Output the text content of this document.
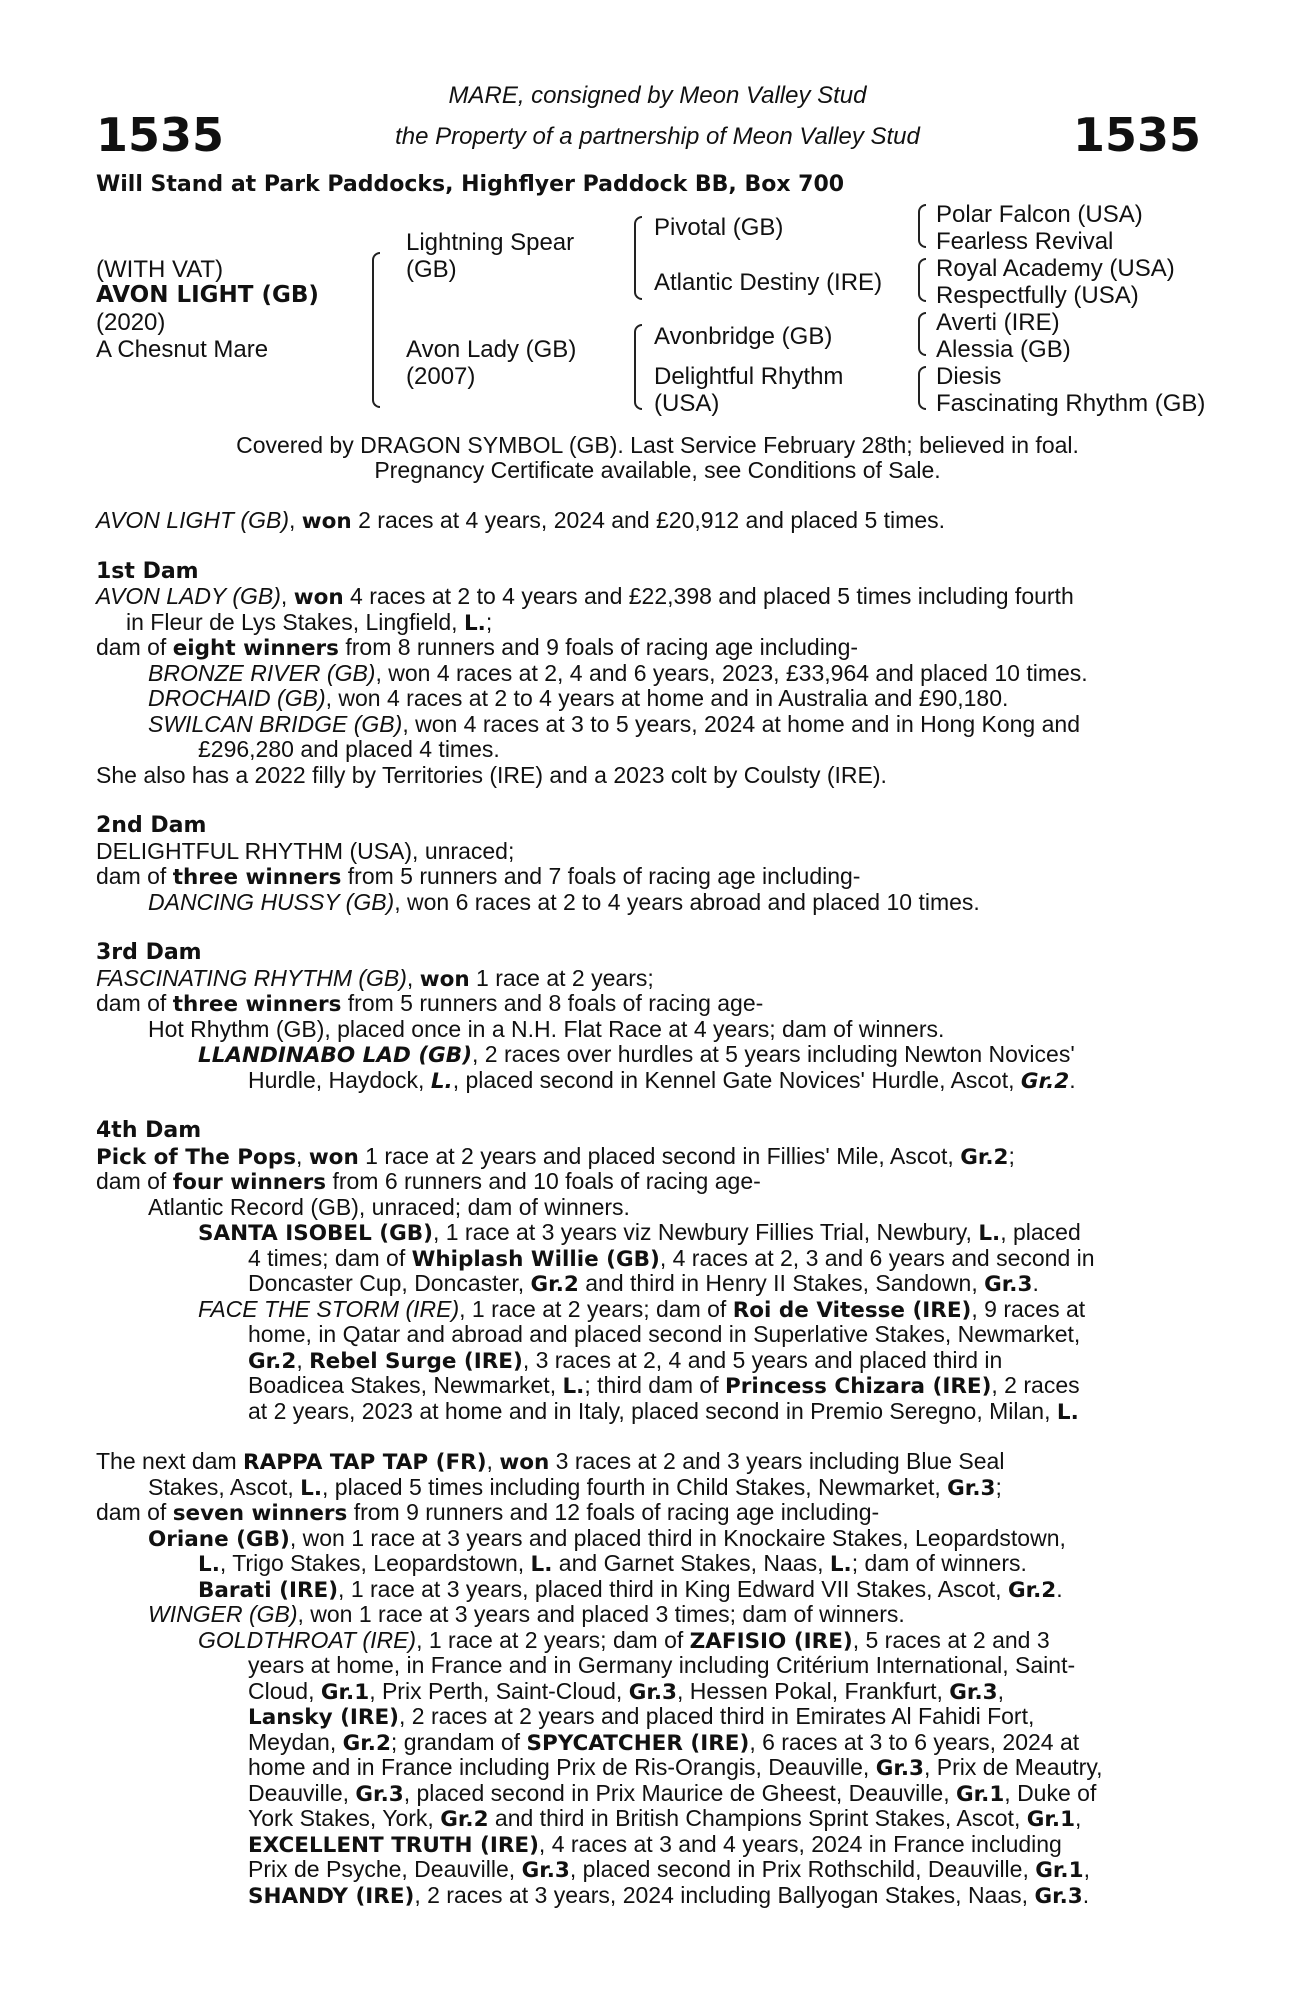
1535	1535
MARE, consigned by Meon Valley Stud
the Property of a partnership of Meon Valley Stud
Will Stand at Park Paddocks, Highflyer Paddock BB, Box 700
(WITH VAT)
AVON LIGHT (GB)
(2020)
A Chesnut Mare
Lightning Spear
(GB)
Avon Lady (GB)
(2007)
Pivotal (GB)
Atlantic Destiny (IRE)
Avonbridge (GB)
Delightful Rhythm
(USA)
Polar Falcon (USA)
Fearless Revival
Royal Academy (USA)
Respectfully (USA)
Averti (IRE)
Alessia (GB)
Diesis
Fascinating Rhythm (GB)
Covered by DRAGON SYMBOL (GB). Last Service February 28th; believed in foal.
Pregnancy Certificate available, see Conditions of Sale.
AVON LIGHT (GB), won 2 races at 4 years, 2024 and £20,912 and placed 5 times.
1st Dam
AVON LADY (GB), won 4 races at 2 to 4 years and £22,398 and placed 5 times including fourth
in Fleur de Lys Stakes, Lingfield, L.;
dam of eight winners from 8 runners and 9 foals of racing age including-
BRONZE RIVER (GB), won 4 races at 2, 4 and 6 years, 2023, £33,964 and placed 10 times.
DROCHAID (GB), won 4 races at 2 to 4 years at home and in Australia and £90,180.
SWILCAN BRIDGE (GB), won 4 races at 3 to 5 years, 2024 at home and in Hong Kong and
£296,280 and placed 4 times.
She also has a 2022 filly by Territories (IRE) and a 2023 colt by Coulsty (IRE).
2nd Dam
DELIGHTFUL RHYTHM (USA), unraced;
dam of three winners from 5 runners and 7 foals of racing age including-
DANCING HUSSY (GB), won 6 races at 2 to 4 years abroad and placed 10 times.
3rd Dam
FASCINATING RHYTHM (GB), won 1 race at 2 years;
dam of three winners from 5 runners and 8 foals of racing age-
Hot Rhythm (GB), placed once in a N.H. Flat Race at 4 years; dam of winners.
LLANDINABO LAD (GB), 2 races over hurdles at 5 years including Newton Novices'
Hurdle, Haydock, L., placed second in Kennel Gate Novices' Hurdle, Ascot, Gr.2.
4th Dam
Pick of The Pops, won 1 race at 2 years and placed second in Fillies' Mile, Ascot, Gr.2;
dam of four winners from 6 runners and 10 foals of racing age-
Atlantic Record (GB), unraced; dam of winners.
SANTA ISOBEL (GB), 1 race at 3 years viz Newbury Fillies Trial, Newbury, L., placed
4 times; dam of Whiplash Willie (GB), 4 races at 2, 3 and 6 years and second in
Doncaster Cup, Doncaster, Gr.2 and third in Henry II Stakes, Sandown, Gr.3.
FACE THE STORM (IRE), 1 race at 2 years; dam of Roi de Vitesse (IRE), 9 races at
home, in Qatar and abroad and placed second in Superlative Stakes, Newmarket,
Gr.2, Rebel Surge (IRE), 3 races at 2, 4 and 5 years and placed third in
Boadicea Stakes, Newmarket, L.; third dam of Princess Chizara (IRE), 2 races
at 2 years, 2023 at home and in Italy, placed second in Premio Seregno, Milan, L.
The next dam RAPPA TAP TAP (FR), won 3 races at 2 and 3 years including Blue Seal
Stakes, Ascot, L., placed 5 times including fourth in Child Stakes, Newmarket, Gr.3;
dam of seven winners from 9 runners and 12 foals of racing age including-
Oriane (GB), won 1 race at 3 years and placed third in Knockaire Stakes, Leopardstown,
L., Trigo Stakes, Leopardstown, L. and Garnet Stakes, Naas, L.; dam of winners.
Barati (IRE), 1 race at 3 years, placed third in King Edward VII Stakes, Ascot, Gr.2.
WINGER (GB), won 1 race at 3 years and placed 3 times; dam of winners.
GOLDTHROAT (IRE), 1 race at 2 years; dam of ZAFISIO (IRE), 5 races at 2 and 3
years at home, in France and in Germany including Critérium International, Saint-
Cloud, Gr.1, Prix Perth, Saint-Cloud, Gr.3, Hessen Pokal, Frankfurt, Gr.3,
Lansky (IRE), 2 races at 2 years and placed third in Emirates Al Fahidi Fort,
Meydan, Gr.2; grandam of SPYCATCHER (IRE), 6 races at 3 to 6 years, 2024 at
home and in France including Prix de Ris-Orangis, Deauville, Gr.3, Prix de Meautry,
Deauville, Gr.3, placed second in Prix Maurice de Gheest, Deauville, Gr.1, Duke of
York Stakes, York, Gr.2 and third in British Champions Sprint Stakes, Ascot, Gr.1,
EXCELLENT TRUTH (IRE), 4 races at 3 and 4 years, 2024 in France including
Prix de Psyche, Deauville, Gr.3, placed second in Prix Rothschild, Deauville, Gr.1,
SHANDY (IRE), 2 races at 3 years, 2024 including Ballyogan Stakes, Naas, Gr.3.
